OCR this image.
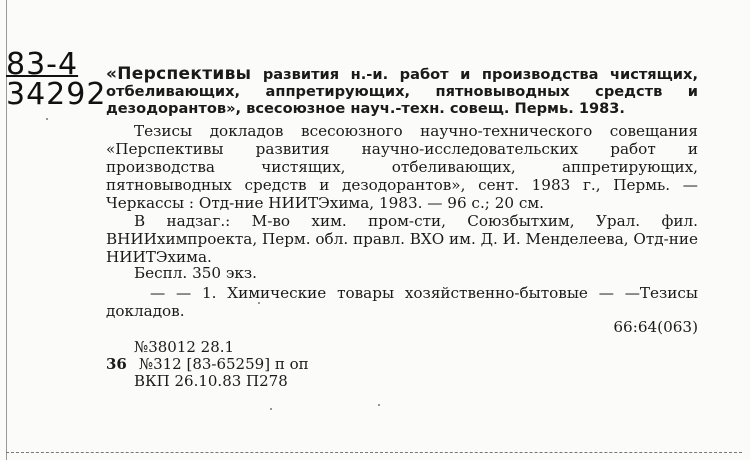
83-4
34292
«Перспективы развития н.-и. работ и производства чистящих, отбеливающих, аппретирующих, пятновыводных средств и дезодорантов», всесоюзное науч.-техн. совещ. Пермь. 1983.
Тезисы докладов всесоюзного научно-технического совещания «Перспективы развития научно-исследовательских работ и производства чистящих, отбеливающих, аппретирующих, пятновыводных средств и дезодорантов», сент. 1983 г., Пермь. — Черкассы : Отд-ние НИИТЭхима, 1983. — 96 с.; 20 см.
В надзаг.: М-во хим. пром-сти, Союзбытхим, Урал. фил. ВНИИхимпроекта, Перм. обл. правл. ВХО им. Д. И. Менделеева, Отд-ние НИИТЭхима.
Беспл. 350 экз.
— — 1. Химические товары хозяйственно-бытовые — —Тезисы докладов.
66:64(063)
№38012 28.1
36 №312 [83-65259] п оп
ВКП 26.10.83 П278
